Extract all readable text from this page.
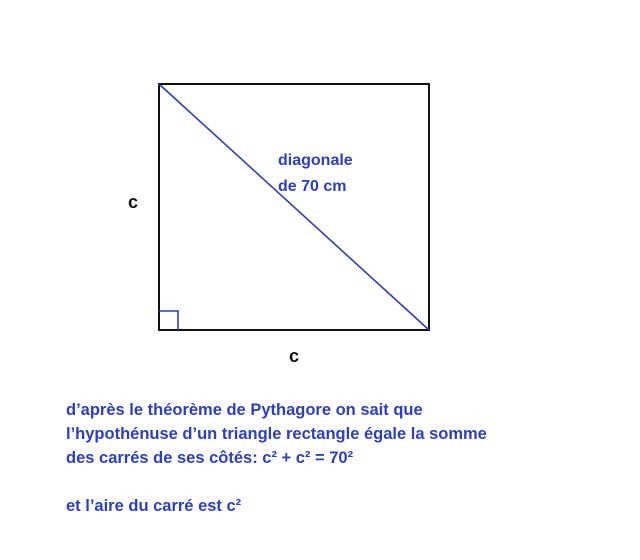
diagonale
de 70 cm
c
c
d’après le théorème de Pythagore on sait que
l’hypothénuse d’un triangle rectangle égale la somme
des carrés de ses côtés: c² + c² = 70²
et l’aire du carré est c²
